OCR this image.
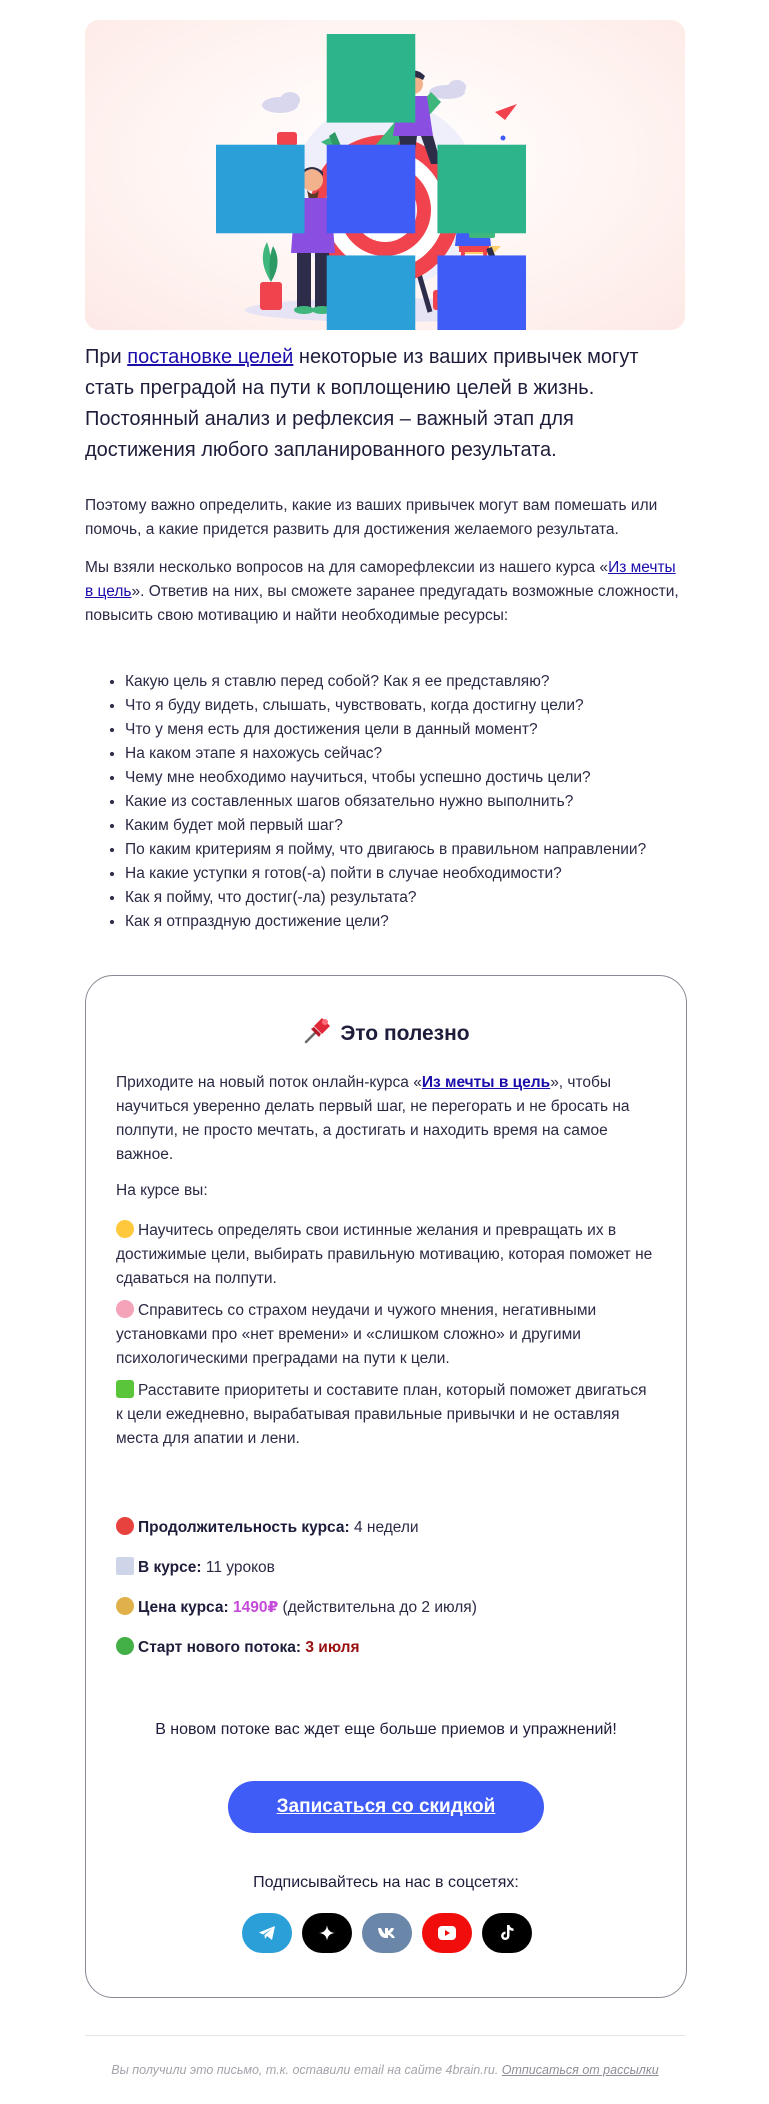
При постановке целей некоторые из ваших привычек могут стать преградой на пути к воплощению целей в жизнь. Постоянный анализ и рефлексия – важный этап для достижения любого запланированного результата.

Поэтому важно определить, какие из ваших привычек могут вам помешать или помочь, а какие придется развить для достижения желаемого результата.

Мы взяли несколько вопросов на для саморефлексии из нашего курса «Из мечты в цель». Ответив на них, вы сможете заранее предугадать возможные сложности, повысить свою мотивацию и найти необходимые ресурсы:

• Какую цель я ставлю перед собой? Как я ее представляю?
• Что я буду видеть, слышать, чувствовать, когда достигну цели?
• Что у меня есть для достижения цели в данный момент?
• На каком этапе я нахожусь сейчас?
• Чему мне необходимо научиться, чтобы успешно достичь цели?
• Какие из составленных шагов обязательно нужно выполнить?
• Каким будет мой первый шаг?
• По каким критериям я пойму, что двигаюсь в правильном направлении?
• На какие уступки я готов(-а) пойти в случае необходимости?
• Как я пойму, что достиг(-ла) результата?
• Как я отпраздную достижение цели?
Это полезно

Приходите на новый поток онлайн-курса «Из мечты в цель», чтобы научиться уверенно делать первый шаг, не перегорать и не бросать на полпути, не просто мечтать, а достигать и находить время на самое важное.

На курсе вы:

Научитесь определять свои истинные желания и превращать их в достижимые цели, выбирать правильную мотивацию, которая поможет не сдаваться на полпути.

Справитесь со страхом неудачи и чужого мнения, негативными установками про «нет времени» и «слишком сложно» и другими психологическими преградами на пути к цели.

Расставите приоритеты и составите план, который поможет двигаться к цели ежедневно, вырабатывая правильные привычки и не оставляя места для апатии и лени.

Продолжительность курса: 4 недели

В курсе: 11 уроков

Цена курса: 1490₽ (действительна до 2 июля)

Старт нового потока: 3 июля

В новом потоке вас ждет еще больше приемов и упражнений!

Записаться со скидкой

Подписывайтесь на нас в соцсетях:

Вы получили это письмо, т.к. оставили email на сайте 4brain.ru. Отписаться от рассылки
